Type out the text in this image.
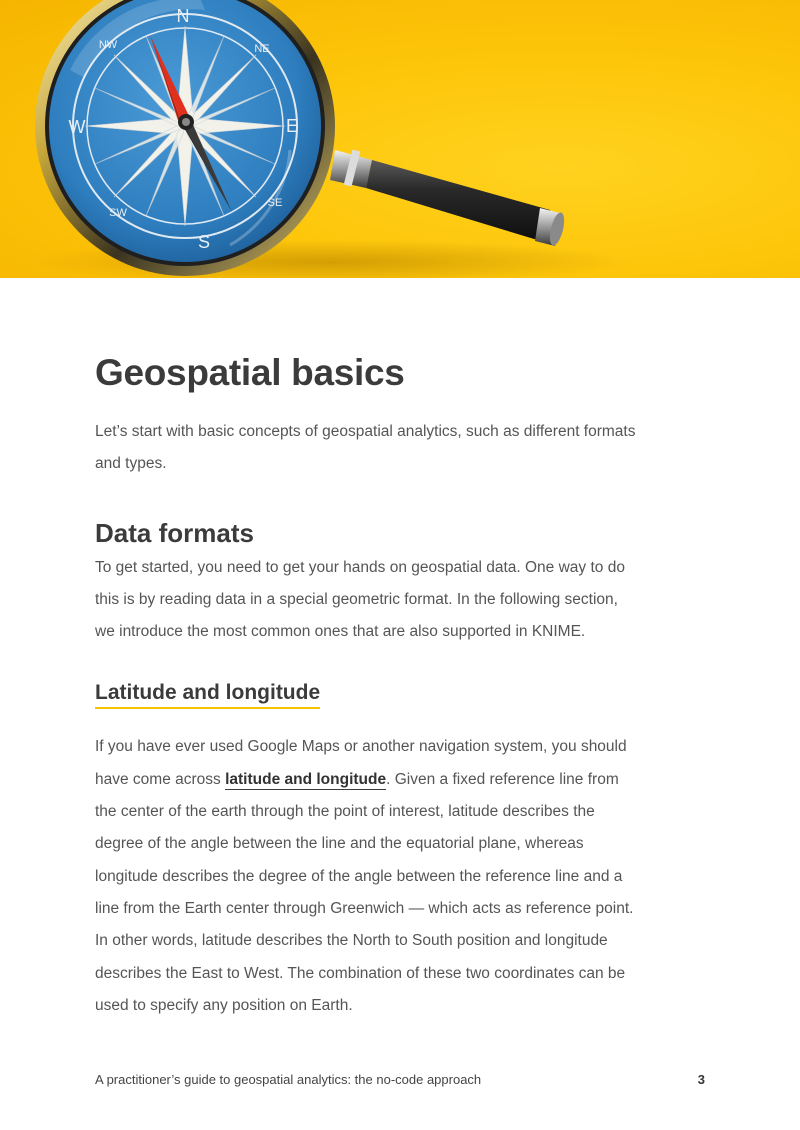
N
NE
E
SE
S
SW
W
NW
Geospatial basics

Let’s start with basic concepts of geospatial analytics, such as different formats and types.

Data formats

To get started, you need to get your hands on geospatial data. One way to do this is by reading data in a special geometric format. In the following section, we introduce the most common ones that are also supported in KNIME.

Latitude and longitude

If you have ever used Google Maps or another navigation system, you should have come across latitude and longitude. Given a fixed reference line from the center of the earth through the point of interest, latitude describes the degree of the angle between the line and the equatorial plane, whereas longitude describes the degree of the angle between the reference line and a line from the Earth center through Greenwich — which acts as reference point. In other words, latitude describes the North to South position and longitude describes the East to West. The combination of these two coordinates can be used to specify any position on Earth.

A practitioner’s guide to geospatial analytics: the no-code approach	3
